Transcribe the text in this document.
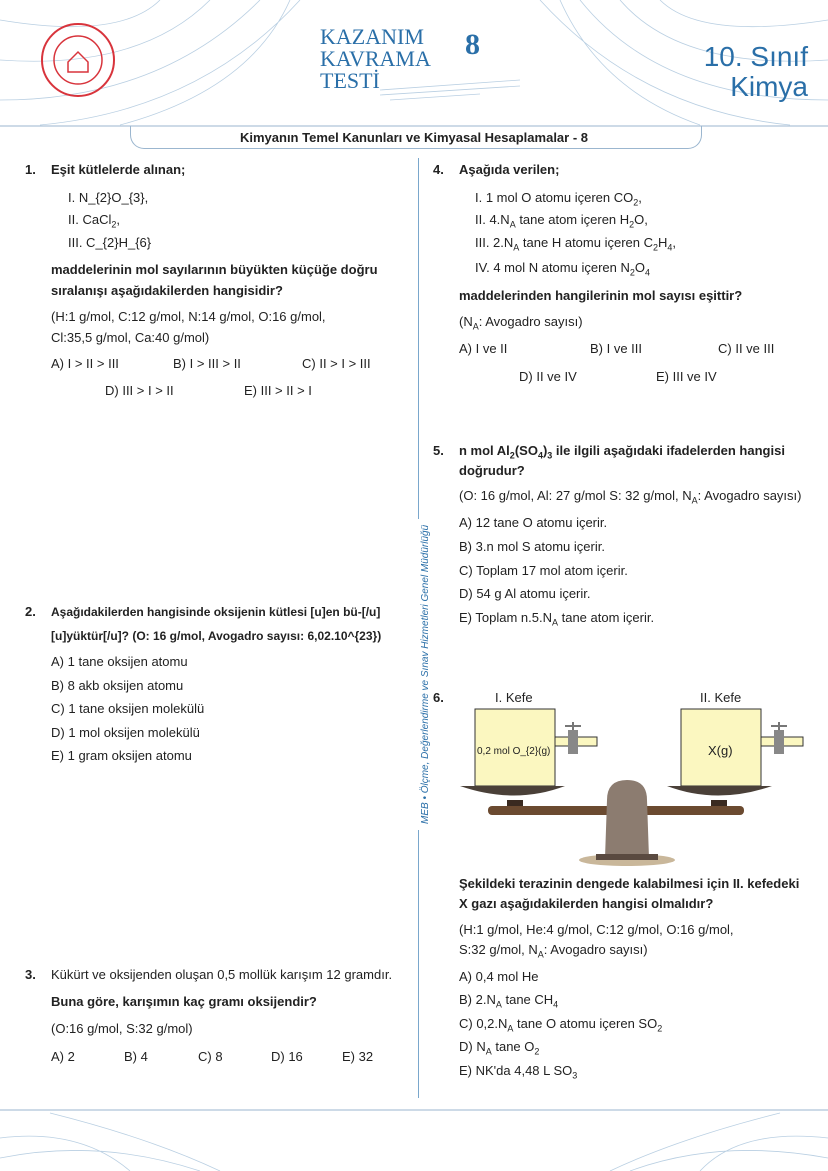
KAZANIM
KAVRAMA
TESTİ
8	10. Sınıf
Kimya
Kimyanın Temel Kanunları ve Kimyasal Hesaplamalar - 8
MEB • Ölçme, Değerlendirme ve Sınav Hizmetleri Genel Müdürlüğü
1. Eşit kütlelerde alınan;
I. N_{2}O_{3},
II. CaCl$_2$,
III. C_{2}H_{6}
maddelerinin mol sayılarının büyükten küçüğe doğru
sıralanışı aşağıdakilerden hangisidir?
(H:1 g/mol, C:12 g/mol, N:14 g/mol, O:16 g/mol,
Cl:35,5 g/mol, Ca:40 g/mol)
A) I > II > III	B) I > III > II	C) II > I > III
D) III > I > II	E) III > II > I
2. Aşağıdakilerden hangisinde oksijenin kütlesi [u]en bü-[/u]
[u]yüktür[/u]? (O: 16 g/mol, Avogadro sayısı: 6,02.10^{23})
A) 1 tane oksijen atomu
B) 8 akb oksijen atomu
C) 1 tane oksijen molekülü
D) 1 mol oksijen molekülü
E) 1 gram oksijen atomu
3. Kükürt ve oksijenden oluşan 0,5 mollük karışım 12 gramdır.
Buna göre, karışımın kaç gramı oksijendir?
(O:16 g/mol, S:32 g/mol)
A) 2	B) 4	C) 8	D) 16	E) 32
4. Aşağıda verilen;
I. 1 mol O atomu içeren $CO_2$,
II. $4.N_A$ tane atom içeren $H_2O$,
III. $2.N_A$ tane H atomu içeren $C_2H_4$,
IV. 4 mol N atomu içeren $N_2O_4$
maddelerinden hangilerinin mol sayısı eşittir?
($N_A$: Avogadro sayısı)
A) I ve II	B) I ve III	C) II ve III
D) II ve IV	E) III ve IV
5. n mol $Al_2(SO_4)_3$ ile ilgili aşağıdaki ifadelerden hangisi
doğrudur?
(O: 16 g/mol, Al: 27 g/mol S: 32 g/mol, $N_A$: Avogadro sayısı)
A) 12 tane O atomu içerir.
B) 3.n mol S atomu içerir.
C) Toplam 17 mol atom içerir.
D) 54 g Al atomu içerir.
E) Toplam $n.5.N_A$ tane atom içerir.
6.	I. Kefe	II. Kefe
0,2 mol O_{2}(g)	X(g)
Şekildeki terazinin dengede kalabilmesi için II. kefedeki
X gazı aşağıdakilerden hangisi olmalıdır?
(H:1 g/mol, He:4 g/mol, C:12 g/mol, O:16 g/mol,
S:32 g/mol, $N_A$: Avogadro sayısı)
A) 0,4 mol He
B) $2.N_A$ tane $CH_4$
C) $0,2.N_A$ tane O atomu içeren $SO_2$
D) $N_A$ tane $O_2$
E) NK'da 4,48 L $SO_3$
